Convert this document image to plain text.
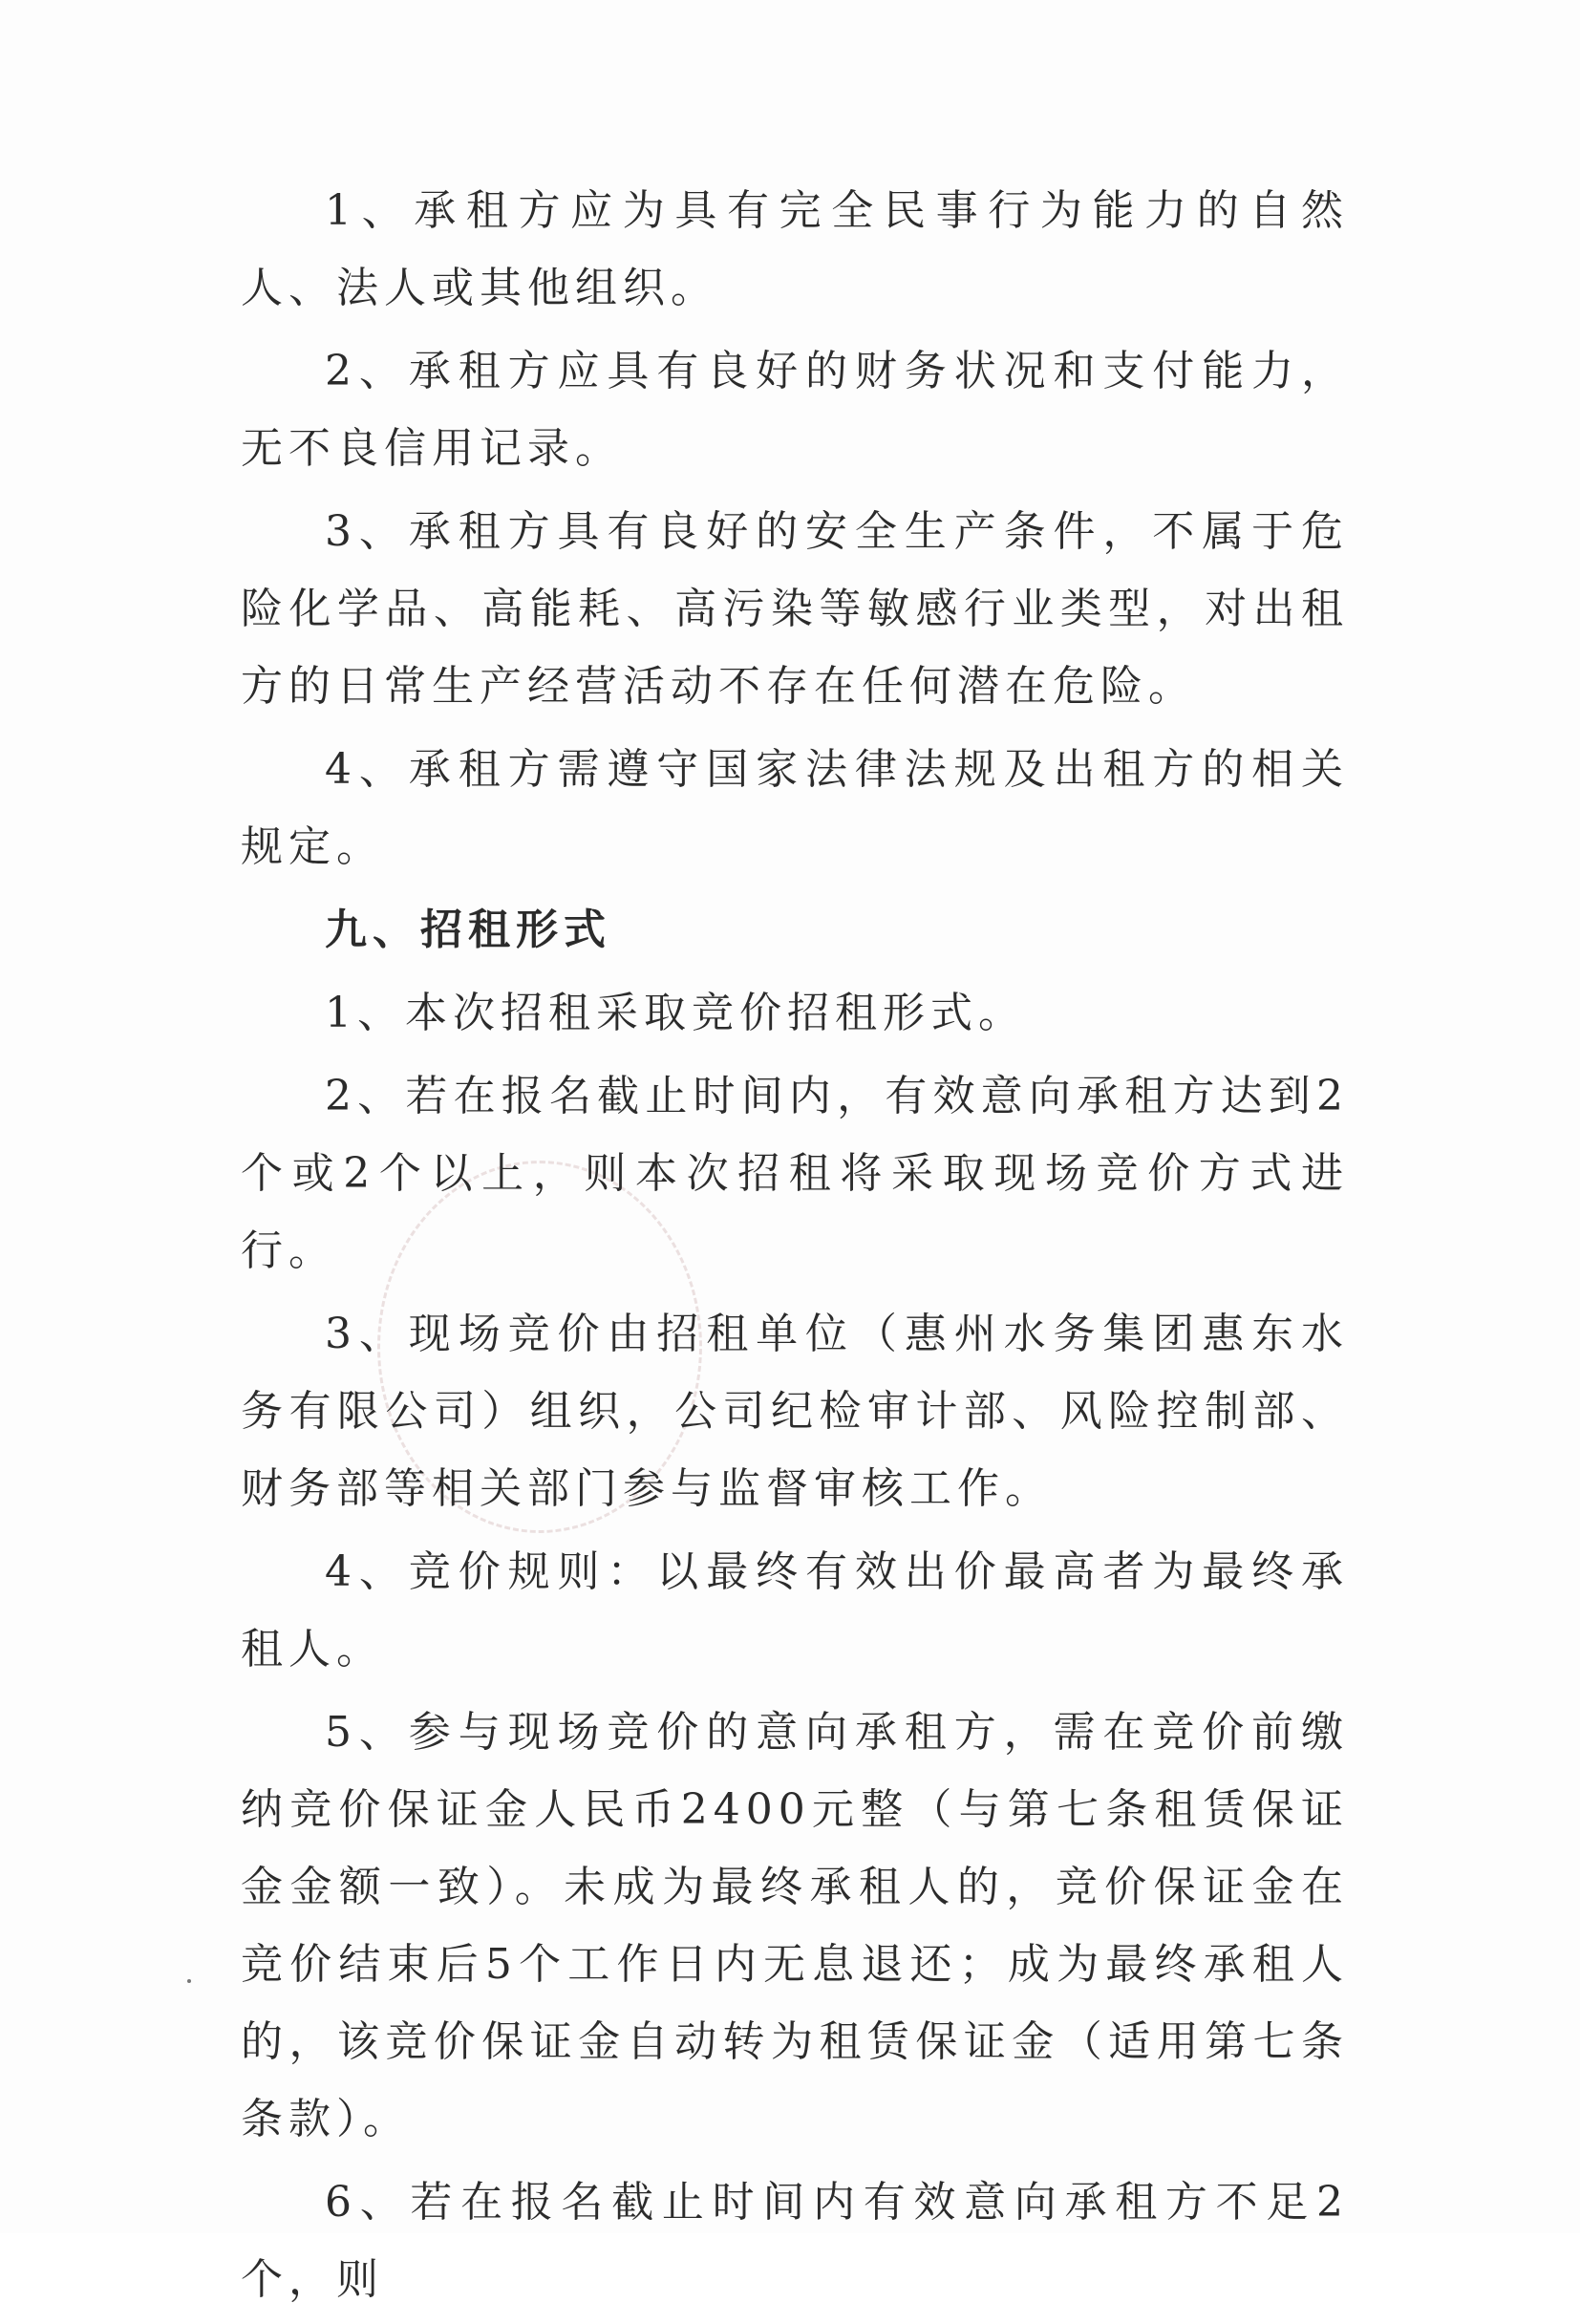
1、承租方应为具有完全民事行为能力的自然人、法人或其他组织。

2、承租方应具有良好的财务状况和支付能力，无不良信用记录。

3、承租方具有良好的安全生产条件，不属于危险化学品、高能耗、高污染等敏感行业类型，对出租方的日常生产经营活动不存在任何潜在危险。

4、承租方需遵守国家法律法规及出租方的相关规定。

九、招租形式

1、本次招租采取竞价招租形式。

2、若在报名截止时间内，有效意向承租方达到2个或2个以上，则本次招租将采取现场竞价方式进行。

3、现场竞价由招租单位（惠州水务集团惠东水务有限公司）组织，公司纪检审计部、风险控制部、财务部等相关部门参与监督审核工作。

4、竞价规则：以最终有效出价最高者为最终承租人。

5、参与现场竞价的意向承租方，需在竞价前缴纳竞价保证金人民币2400元整（与第七条租赁保证金金额一致）。未成为最终承租人的，竞价保证金在竞价结束后5个工作日内无息退还；成为最终承租人的，该竞价保证金自动转为租赁保证金（适用第七条条款）。

6、若在报名截止时间内有效意向承租方不足2个，则
